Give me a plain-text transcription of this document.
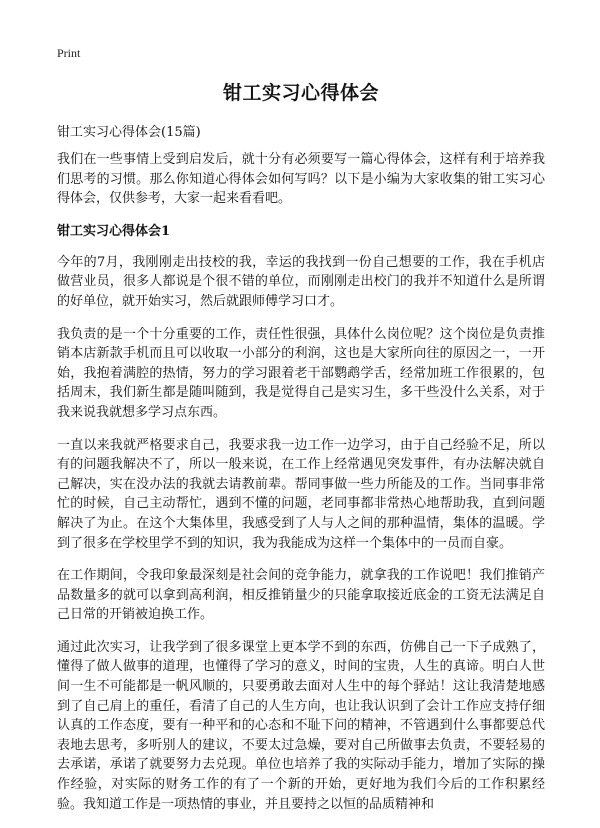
Print
钳工实习心得体会

钳工实习心得体会(15篇)

我们在一些事情上受到启发后，就十分有必须要写一篇心得体会，这样有利于培养我们思考的习惯。那么你知道心得体会如何写吗？以下是小编为大家收集的钳工实习心得体会，仅供参考，大家一起来看看吧。

钳工实习心得体会1

今年的7月，我刚刚走出技校的我，幸运的我找到一份自己想要的工作，我在手机店做营业员，很多人都说是个很不错的单位，而刚刚走出校门的我并不知道什么是所谓的好单位，就开始实习，然后就跟师傅学习口才。

我负责的是一个十分重要的工作，责任性很强，具体什么岗位呢？这个岗位是负责推销本店新款手机而且可以收取一小部分的利润，这也是大家所向往的原因之一，一开始，我抱着满腔的热情，努力的学习跟着老干部鹦鹉学舌，经常加班工作很累的，包括周末，我们新生都是随叫随到，我是觉得自己是实习生，多干些没什么关系，对于我来说我就想多学习点东西。

一直以来我就严格要求自己，我要求我一边工作一边学习，由于自己经验不足，所以有的问题我解决不了，所以一般来说，在工作上经常遇见突发事件，有办法解决就自己解决，实在没办法的我就去请教前辈。帮同事做一些力所能及的工作。当同事非常忙的时候，自己主动帮忙，遇到不懂的问题，老同事都非常热心地帮助我，直到问题解决了为止。在这个大集体里，我感受到了人与人之间的那种温情，集体的温暖。学到了很多在学校里学不到的知识，我为我能成为这样一个集体中的一员而自豪。

在工作期间，令我印象最深刻是社会间的竞争能力，就拿我的工作说吧！我们推销产品数量多的就可以拿到高利润，相反推销量少的只能拿取接近底金的工资无法满足自己日常的开销被迫换工作。

通过此次实习，让我学到了很多课堂上更本学不到的东西，仿佛自己一下子成熟了，懂得了做人做事的道理，也懂得了学习的意义，时间的宝贵，人生的真谛。明白人世间一生不可能都是一帆风顺的，只要勇敢去面对人生中的每个驿站！这让我清楚地感到了自己肩上的重任，看清了自己的人生方向，也让我认识到了会计工作应支持仔细认真的工作态度，要有一种平和的心态和不耻下问的精神，不管遇到什么事都要总代表地去思考，多听别人的建议，不要太过急燥，要对自己所做事去负责，不要轻易的去承诺，承诺了就要努力去兑现。单位也培养了我的实际动手能力，增加了实际的操作经验，对实际的财务工作的有了一个新的开始，更好地为我们今后的工作积累经验。我知道工作是一项热情的事业，并且要持之以恒的品质精神和
